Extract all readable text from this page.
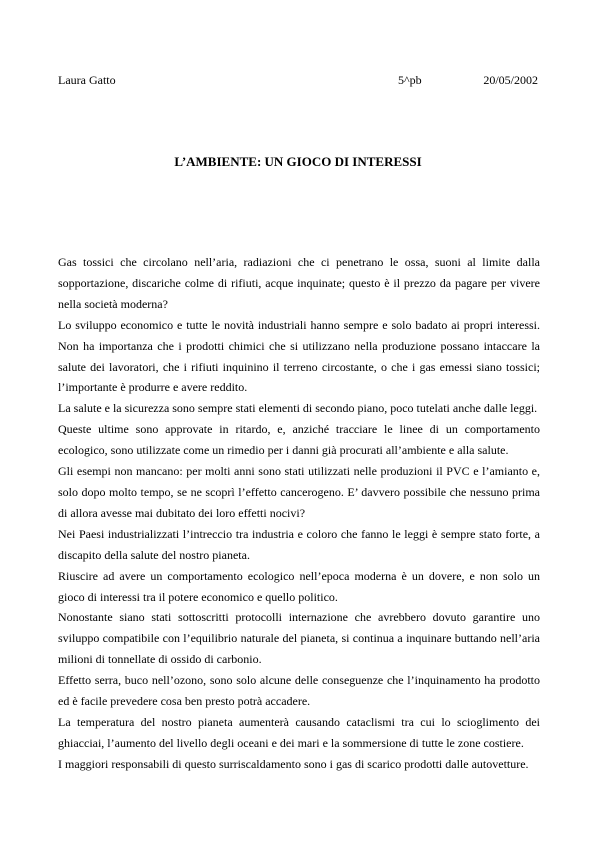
Laura Gatto	5^pb	20/05/2002
L’AMBIENTE: UN GIOCO DI INTERESSI

Gas tossici che circolano nell’aria, radiazioni che ci penetrano le ossa, suoni al limite dalla sopportazione, discariche colme di rifiuti, acque inquinate; questo è il prezzo da pagare per vivere nella società moderna?

Lo sviluppo economico e tutte le novità industriali hanno sempre e solo badato ai propri interessi. Non ha importanza che i prodotti chimici che si utilizzano nella produzione possano intaccare la salute dei lavoratori, che i rifiuti inquinino il terreno circostante, o che i gas emessi siano tossici; l’importante è produrre e avere reddito.

La salute e la sicurezza sono sempre stati elementi di secondo piano, poco tutelati anche dalle leggi.

Queste ultime sono approvate in ritardo, e, anziché tracciare le linee di un comportamento ecologico, sono utilizzate come un rimedio per i danni già procurati all’ambiente e alla salute.

Gli esempi non mancano: per molti anni sono stati utilizzati nelle produzioni il PVC e l’amianto e, solo dopo molto tempo, se ne scoprì l’effetto cancerogeno. E’ davvero possibile che nessuno prima di allora avesse mai dubitato dei loro effetti nocivi?

Nei Paesi industrializzati l’intreccio tra industria e coloro che fanno le leggi è sempre stato forte, a discapito della salute del nostro pianeta.

Riuscire ad avere un comportamento ecologico nell’epoca moderna è un dovere, e non solo un gioco di interessi tra il potere economico e quello politico.

Nonostante siano stati sottoscritti protocolli internazione che avrebbero dovuto garantire uno sviluppo compatibile con l’equilibrio naturale del pianeta, si continua a inquinare buttando nell’aria milioni di tonnellate di ossido di carbonio.

Effetto serra, buco nell’ozono, sono solo alcune delle conseguenze che l’inquinamento ha prodotto ed è facile prevedere cosa ben presto potrà accadere.

La temperatura del nostro pianeta aumenterà causando cataclismi tra cui lo scioglimento dei ghiacciai, l’aumento del livello degli oceani e dei mari e la sommersione di tutte le zone costiere.

I maggiori responsabili di questo surriscaldamento sono i gas di scarico prodotti dalle autovetture.
